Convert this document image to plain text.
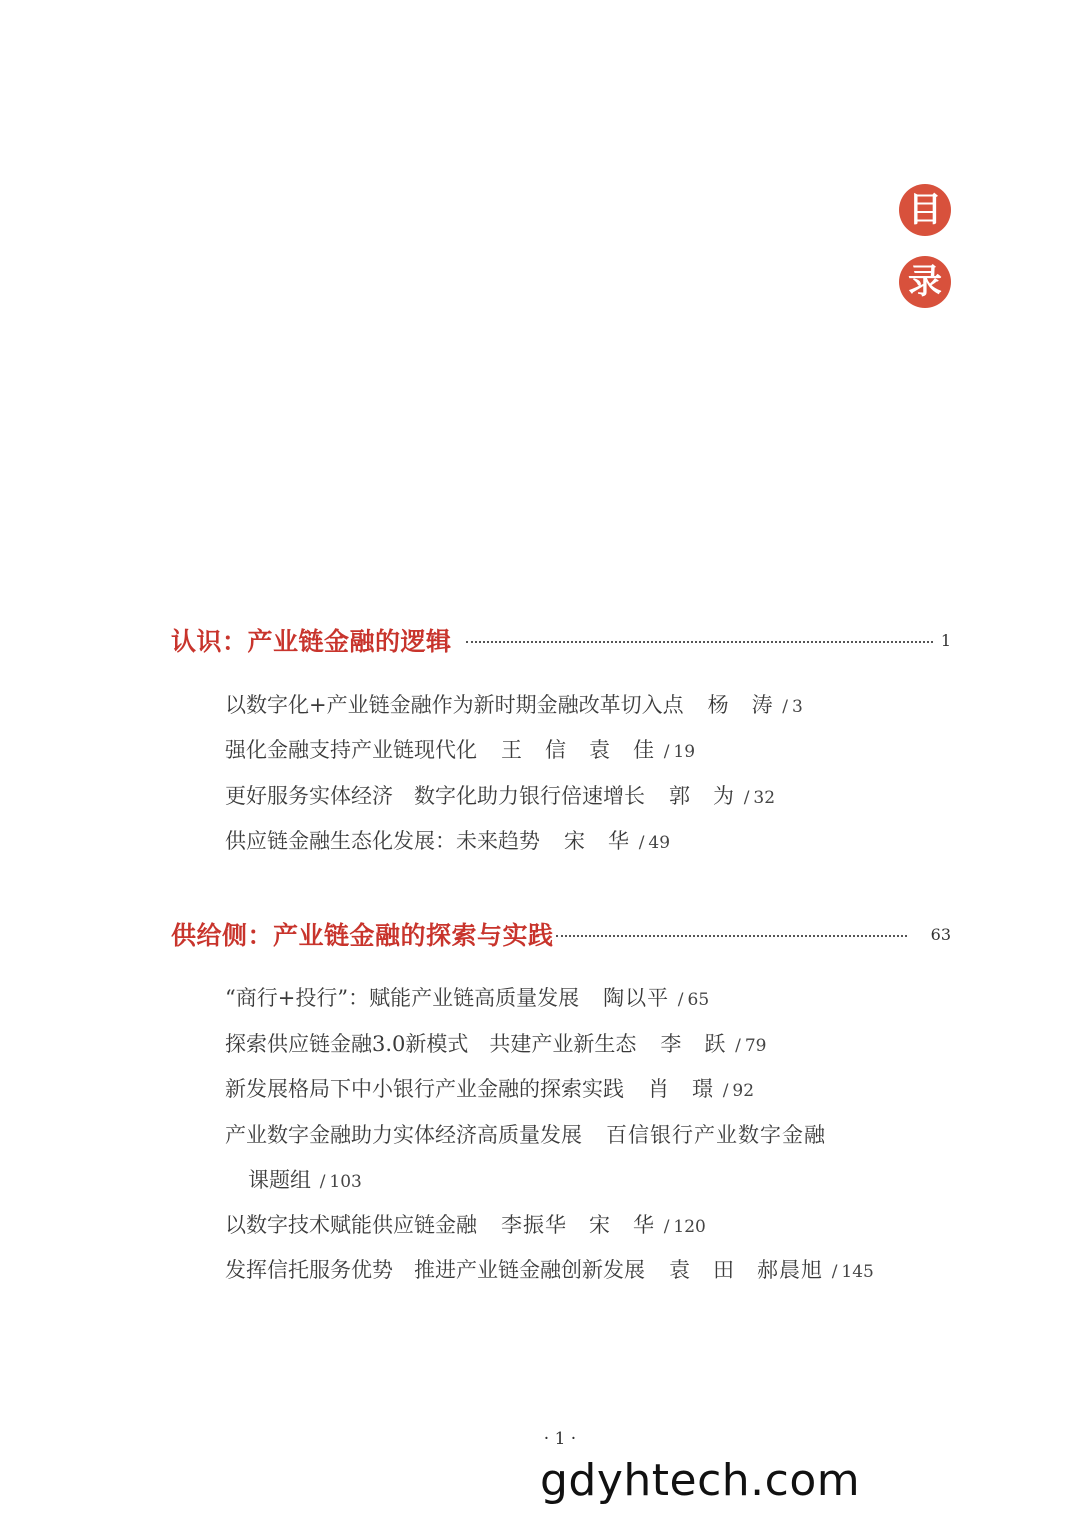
目
录
认识：产业链金融的逻辑	1
以数字化+产业链金融作为新时期金融改革切入点 杨　涛 / 3
强化金融支持产业链现代化 王　信　袁　佳 / 19
更好服务实体经济　数字化助力银行倍速增长 郭　为 / 32
供应链金融生态化发展：未来趋势 宋　华 / 49
供给侧：产业链金融的探索与实践	63
“商行+投行”：赋能产业链高质量发展 陶以平 / 65
探索供应链金融3.0新模式　共建产业新生态 李　跃 / 79
新发展格局下中小银行产业金融的探索实践 肖　璟 / 92
产业数字金融助力实体经济高质量发展 百信银行产业数字金融
课题组 / 103
以数字技术赋能供应链金融 李振华　宋　华 / 120
发挥信托服务优势　推进产业链金融创新发展 袁　田　郝晨旭 / 145
· 1 ·
gdyhtech.com
